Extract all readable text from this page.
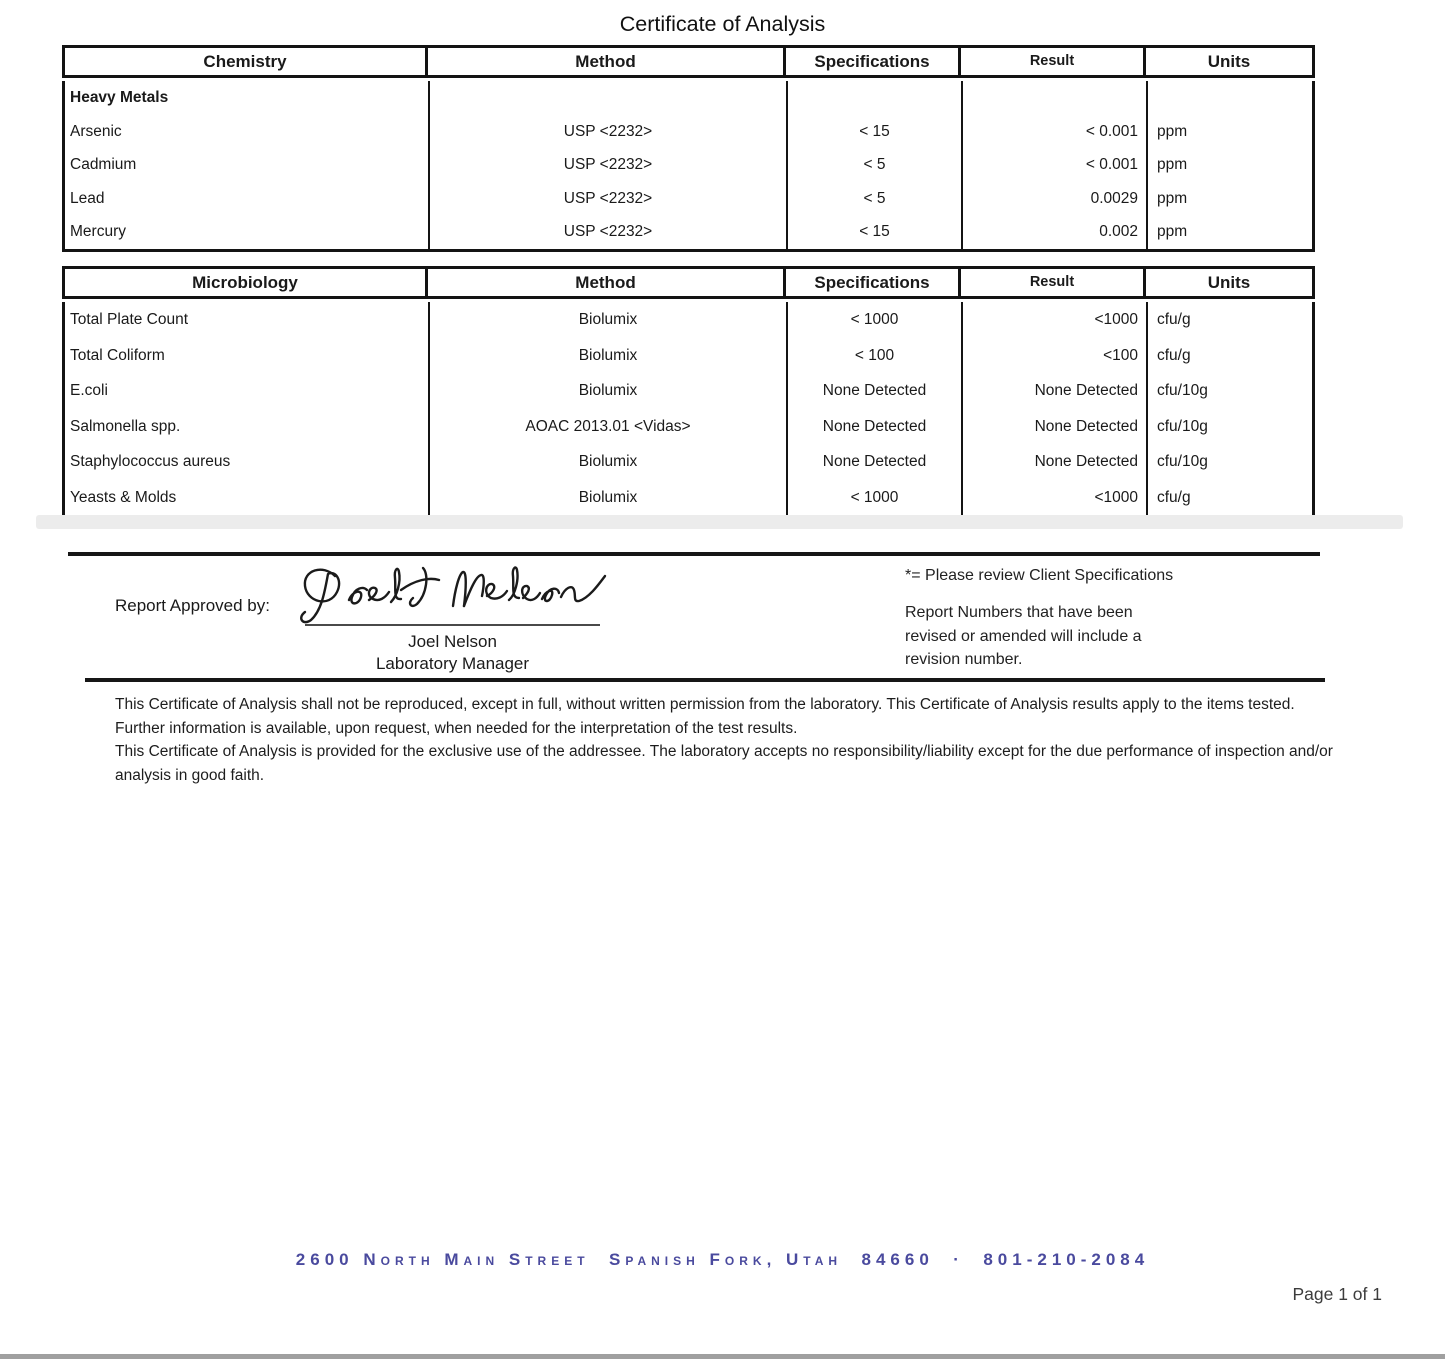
Certificate of Analysis
Chemistry	Method	Specifications	Result	Units
Heavy Metals
Arsenic	USP <2232>	< 15	< 0.001	ppm
Cadmium	USP <2232>	< 5	< 0.001	ppm
Lead	USP <2232>	< 5	0.0029	ppm
Mercury	USP <2232>	< 15	0.002	ppm
Microbiology	Method	Specifications	Result	Units
Total Plate Count	Biolumix	< 1000	<1000	cfu/g
Total Coliform	Biolumix	< 100	<100	cfu/g
E.coli	Biolumix	None Detected	None Detected	cfu/10g
Salmonella spp.	AOAC 2013.01 <Vidas>	None Detected	None Detected	cfu/10g
Staphylococcus aureus	Biolumix	None Detected	None Detected	cfu/10g
Yeasts & Molds	Biolumix	< 1000	<1000	cfu/g
Report Approved by:
Joel Nelson
Laboratory Manager
*= Please review Client Specifications
Report Numbers that have been revised or amended will include a revision number.

This Certificate of Analysis shall not be reproduced, except in full, without written permission from the laboratory. This Certificate of Analysis results apply to the items tested. Further information is available, upon request, when needed for the interpretation of the test results.

This Certificate of Analysis is provided for the exclusive use of the addressee. The laboratory accepts no responsibility/liability except for the due performance of inspection and/or analysis in good faith.

2600 North Main Street  Spanish Fork, Utah  84660  ·  801-210-2084
Page 1 of 1
